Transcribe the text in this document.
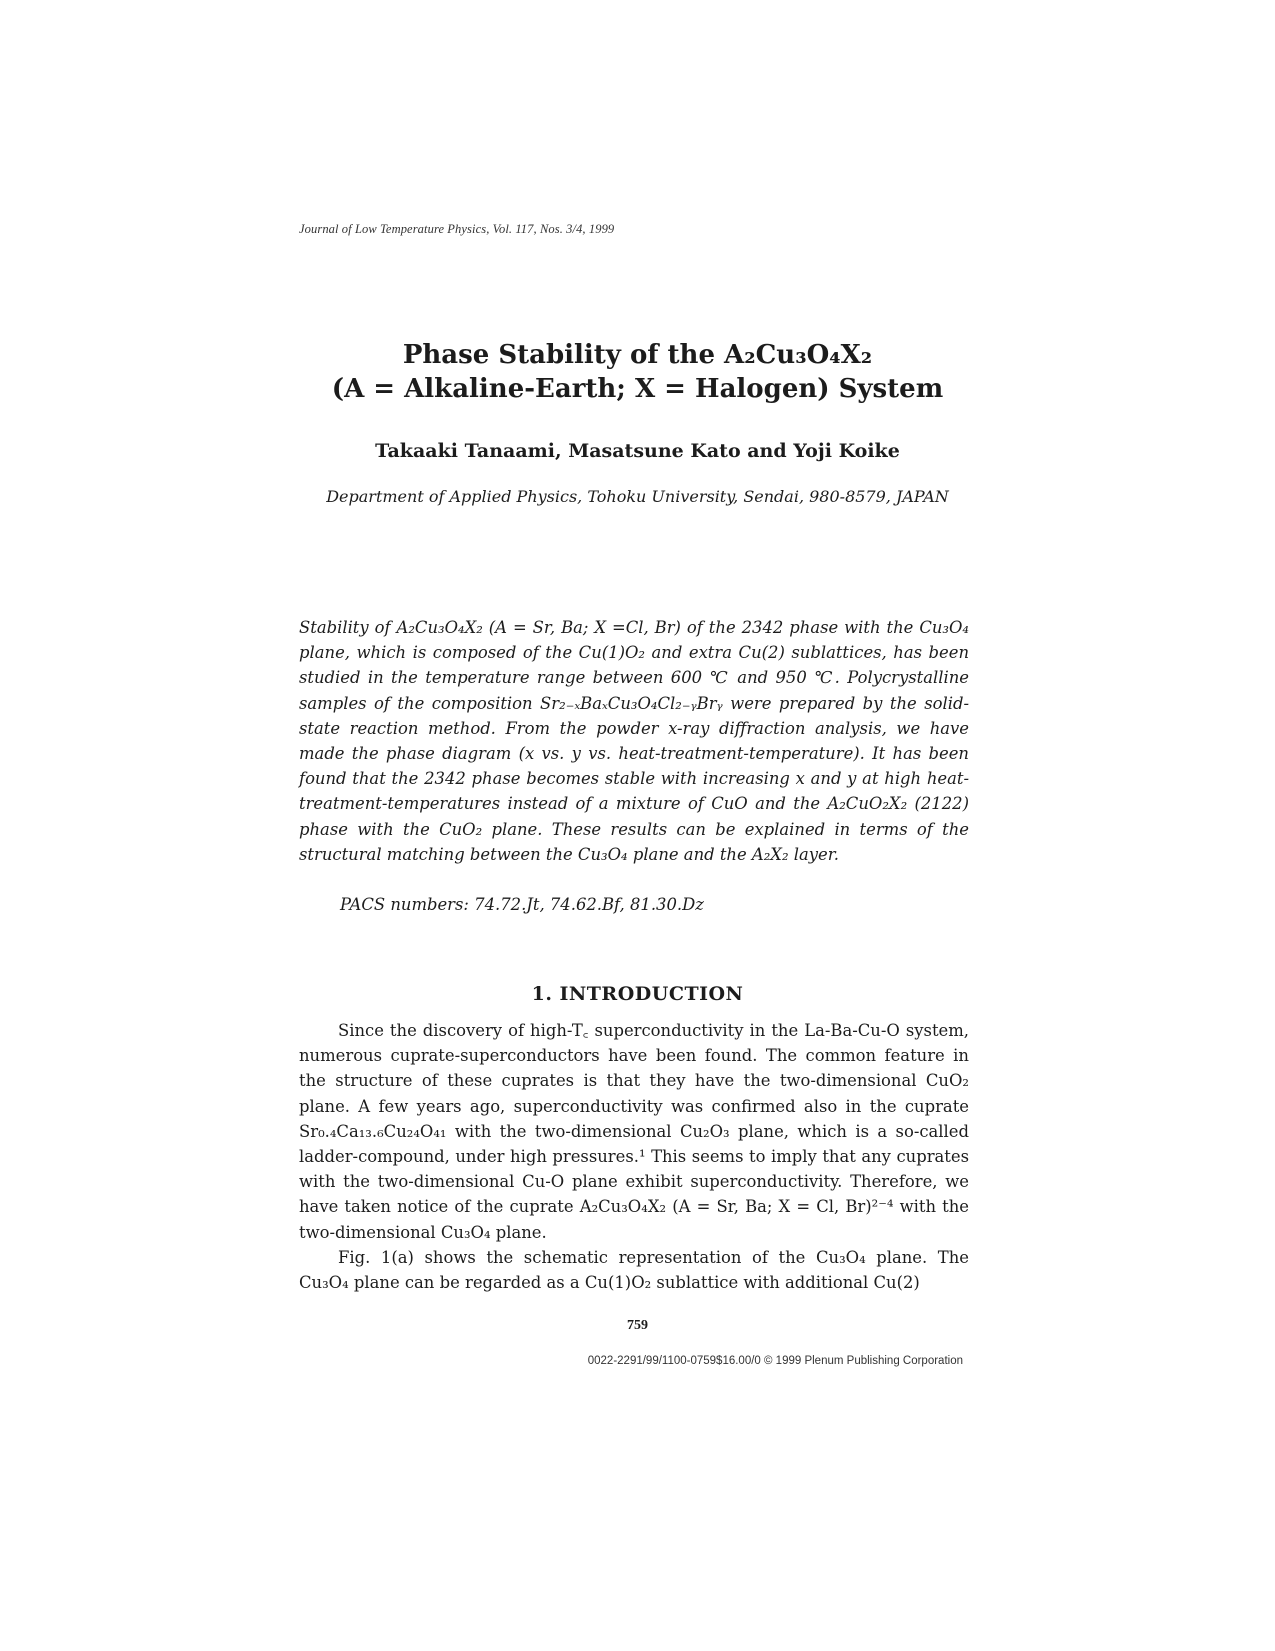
Journal of Low Temperature Physics, Vol. 117, Nos. 3/4, 1999
Phase Stability of the A₂Cu₃O₄X₂
(A = Alkaline-Earth; X = Halogen) System
Takaaki Tanaami, Masatsune Kato and Yoji Koike
Department of Applied Physics, Tohoku University, Sendai, 980-8579, JAPAN

Stability of A₂Cu₃O₄X₂ (A = Sr, Ba; X =Cl, Br) of the 2342 phase with the Cu₃O₄ plane, which is composed of the Cu(1)O₂ and extra Cu(2) sublattices, has been studied in the temperature range between 600 ℃ and 950 ℃. Polycrystalline samples of the composition Sr₂₋ₓBaₓCu₃O₄Cl₂₋ᵧBrᵧ were prepared by the solid-state reaction method. From the powder x-ray diffraction analysis, we have made the phase diagram (x vs. y vs. heat-treatment-temperature). It has been found that the 2342 phase becomes stable with increasing x and y at high heat-treatment-temperatures instead of a mixture of CuO and the A₂CuO₂X₂ (2122) phase with the CuO₂ plane. These results can be explained in terms of the structural matching between the Cu₃O₄ plane and the A₂X₂ layer.

PACS numbers: 74.72.Jt, 74.62.Bf, 81.30.Dz
1. INTRODUCTION

Since the discovery of high-T꜀ superconductivity in the La-Ba-Cu-O system, numerous cuprate-superconductors have been found. The common feature in the structure of these cuprates is that they have the two-dimensional CuO₂ plane. A few years ago, superconductivity was confirmed also in the cuprate Sr₀.₄Ca₁₃.₆Cu₂₄O₄₁ with the two-dimensional Cu₂O₃ plane, which is a so-called ladder-compound, under high pressures.¹ This seems to imply that any cuprates with the two-dimensional Cu-O plane exhibit superconductivity. Therefore, we have taken notice of the cuprate A₂Cu₃O₄X₂ (A = Sr, Ba; X = Cl, Br)²⁻⁴ with the two-dimensional Cu₃O₄ plane.

Fig. 1(a) shows the schematic representation of the Cu₃O₄ plane. The Cu₃O₄ plane can be regarded as a Cu(1)O₂ sublattice with additional Cu(2)

759
0022-2291/99/1100-0759$16.00/0 © 1999 Plenum Publishing Corporation
